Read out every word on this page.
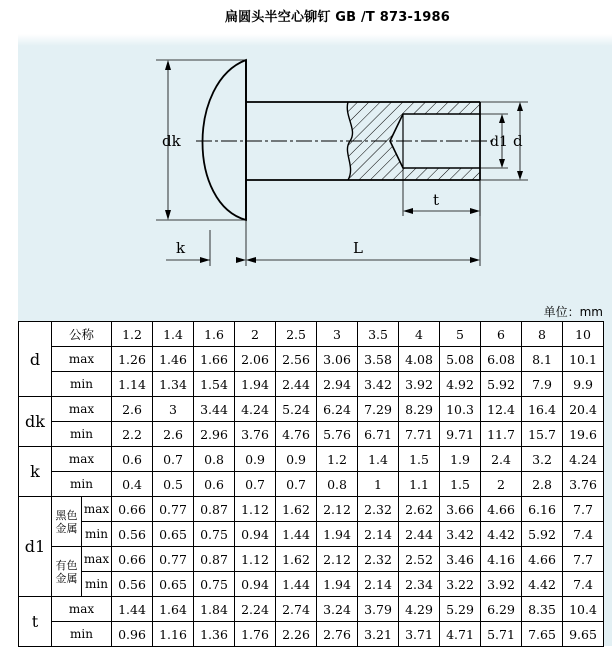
扁圆头半空心铆钉 GB /T 873-1986
dk	d1 d
t
k	L
单位：mm
d	公称		1.2	1.4	1.6	2	2.5	3	3.5	4	5	6	8	10
	max		1.26	1.46	1.66	2.06	2.56	3.06	3.58	4.08	5.08	6.08	8.1	10.1
	min		1.14	1.34	1.54	1.94	2.44	2.94	3.42	3.92	4.92	5.92	7.9	9.9
dk	max		2.6	3	3.44	4.24	5.24	6.24	7.29	8.29	10.3	12.4	16.4	20.4
	min		2.2	2.6	2.96	3.76	4.76	5.76	6.71	7.71	9.71	11.7	15.7	19.6
k	max		0.6	0.7	0.8	0.9	0.9	1.2	1.4	1.5	1.9	2.4	3.2	4.24
	min		0.4	0.5	0.6	0.7	0.7	0.8	1	1.1	1.5	2	2.8	3.76
d1	黑色金属	max	0.66	0.77	0.87	1.12	1.62	2.12	2.32	2.62	3.66	4.66	6.16	7.7
		min	0.56	0.65	0.75	0.94	1.44	1.94	2.14	2.44	3.42	4.42	5.92	7.4
	有色金属	max	0.66	0.77	0.87	1.12	1.62	2.12	2.32	2.52	3.46	4.16	4.66	7.7
		min	0.56	0.65	0.75	0.94	1.44	1.94	2.14	2.34	3.22	3.92	4.42	7.4
t	max		1.44	1.64	1.84	2.24	2.74	3.24	3.79	4.29	5.29	6.29	8.35	10.4
	min		0.96	1.16	1.36	1.76	2.26	2.76	3.21	3.71	4.71	5.71	7.65	9.65
